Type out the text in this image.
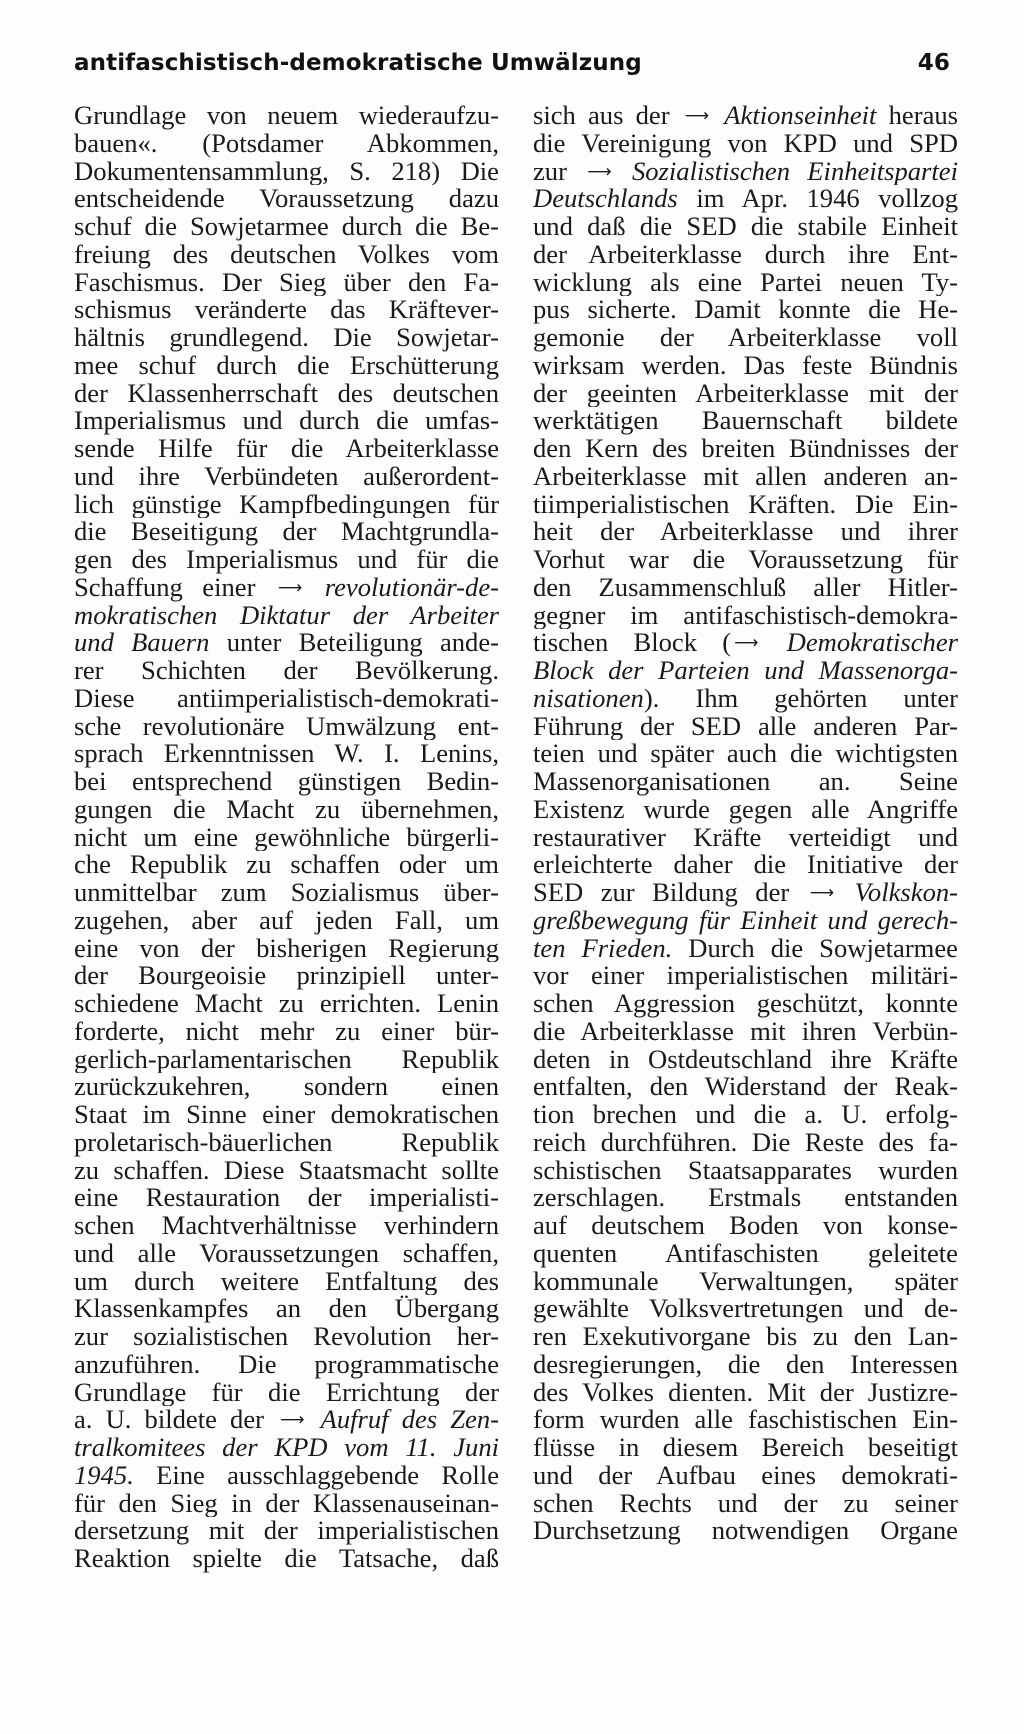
antifaschistisch-demokratische Umwälzung	46
Grundlage von neuem wiederaufzu-
bauen«. (Potsdamer Abkommen,
Dokumentensammlung, S. 218) Die
entscheidende Voraussetzung dazu
schuf die Sowjetarmee durch die Be-
freiung des deutschen Volkes vom
Faschismus. Der Sieg über den Fa-
schismus veränderte das Kräftever-
hältnis grundlegend. Die Sowjetar-
mee schuf durch die Erschütterung
der Klassenherrschaft des deutschen
Imperialismus und durch die umfas-
sende Hilfe für die Arbeiterklasse
und ihre Verbündeten außerordent-
lich günstige Kampfbedingungen für
die Beseitigung der Machtgrundla-
gen des Imperialismus und für die
Schaffung einer ⟶ revolutionär-de-
mokratischen Diktatur der Arbeiter
und Bauern unter Beteiligung ande-
rer Schichten der Bevölkerung.
Diese antiimperialistisch-demokrati-
sche revolutionäre Umwälzung ent-
sprach Erkenntnissen W. I. Lenins,
bei entsprechend günstigen Bedin-
gungen die Macht zu übernehmen,
nicht um eine gewöhnliche bürgerli-
che Republik zu schaffen oder um
unmittelbar zum Sozialismus über-
zugehen, aber auf jeden Fall, um
eine von der bisherigen Regierung
der Bourgeoisie prinzipiell unter-
schiedene Macht zu errichten. Lenin
forderte, nicht mehr zu einer bür-
gerlich-parlamentarischen Republik
zurückzukehren, sondern einen
Staat im Sinne einer demokratischen
proletarisch-bäuerlichen Republik
zu schaffen. Diese Staatsmacht sollte
eine Restauration der imperialisti-
schen Machtverhältnisse verhindern
und alle Voraussetzungen schaffen,
um durch weitere Entfaltung des
Klassenkampfes an den Übergang
zur sozialistischen Revolution her-
anzuführen. Die programmatische
Grundlage für die Errichtung der
a. U. bildete der ⟶ Aufruf des Zen-
tralkomitees der KPD vom 11. Juni
1945. Eine ausschlaggebende Rolle
für den Sieg in der Klassenauseinan-
dersetzung mit der imperialistischen
Reaktion spielte die Tatsache, daß
sich aus der ⟶ Aktionseinheit heraus
die Vereinigung von KPD und SPD
zur ⟶ Sozialistischen Einheitspartei
Deutschlands im Apr. 1946 vollzog
und daß die SED die stabile Einheit
der Arbeiterklasse durch ihre Ent-
wicklung als eine Partei neuen Ty-
pus sicherte. Damit konnte die He-
gemonie der Arbeiterklasse voll
wirksam werden. Das feste Bündnis
der geeinten Arbeiterklasse mit der
werktätigen Bauernschaft bildete
den Kern des breiten Bündnisses der
Arbeiterklasse mit allen anderen an-
tiimperialistischen Kräften. Die Ein-
heit der Arbeiterklasse und ihrer
Vorhut war die Voraussetzung für
den Zusammenschluß aller Hitler-
gegner im antifaschistisch-demokra-
tischen Block ( ⟶ Demokratischer
Block der Parteien und Massenorga-
nisationen). Ihm gehörten unter
Führung der SED alle anderen Par-
teien und später auch die wichtigsten
Massenorganisationen an. Seine
Existenz wurde gegen alle Angriffe
restaurativer Kräfte verteidigt und
erleichterte daher die Initiative der
SED zur Bildung der ⟶ Volkskon-
greßbewegung für Einheit und gerech-
ten Frieden. Durch die Sowjetarmee
vor einer imperialistischen militäri-
schen Aggression geschützt, konnte
die Arbeiterklasse mit ihren Verbün-
deten in Ostdeutschland ihre Kräfte
entfalten, den Widerstand der Reak-
tion brechen und die a. U. erfolg-
reich durchführen. Die Reste des fa-
schistischen Staatsapparates wurden
zerschlagen. Erstmals entstanden
auf deutschem Boden von konse-
quenten Antifaschisten geleitete
kommunale Verwaltungen, später
gewählte Volksvertretungen und de-
ren Exekutivorgane bis zu den Lan-
desregierungen, die den Interessen
des Volkes dienten. Mit der Justizre-
form wurden alle faschistischen Ein-
flüsse in diesem Bereich beseitigt
und der Aufbau eines demokrati-
schen Rechts und der zu seiner
Durchsetzung notwendigen Organe
